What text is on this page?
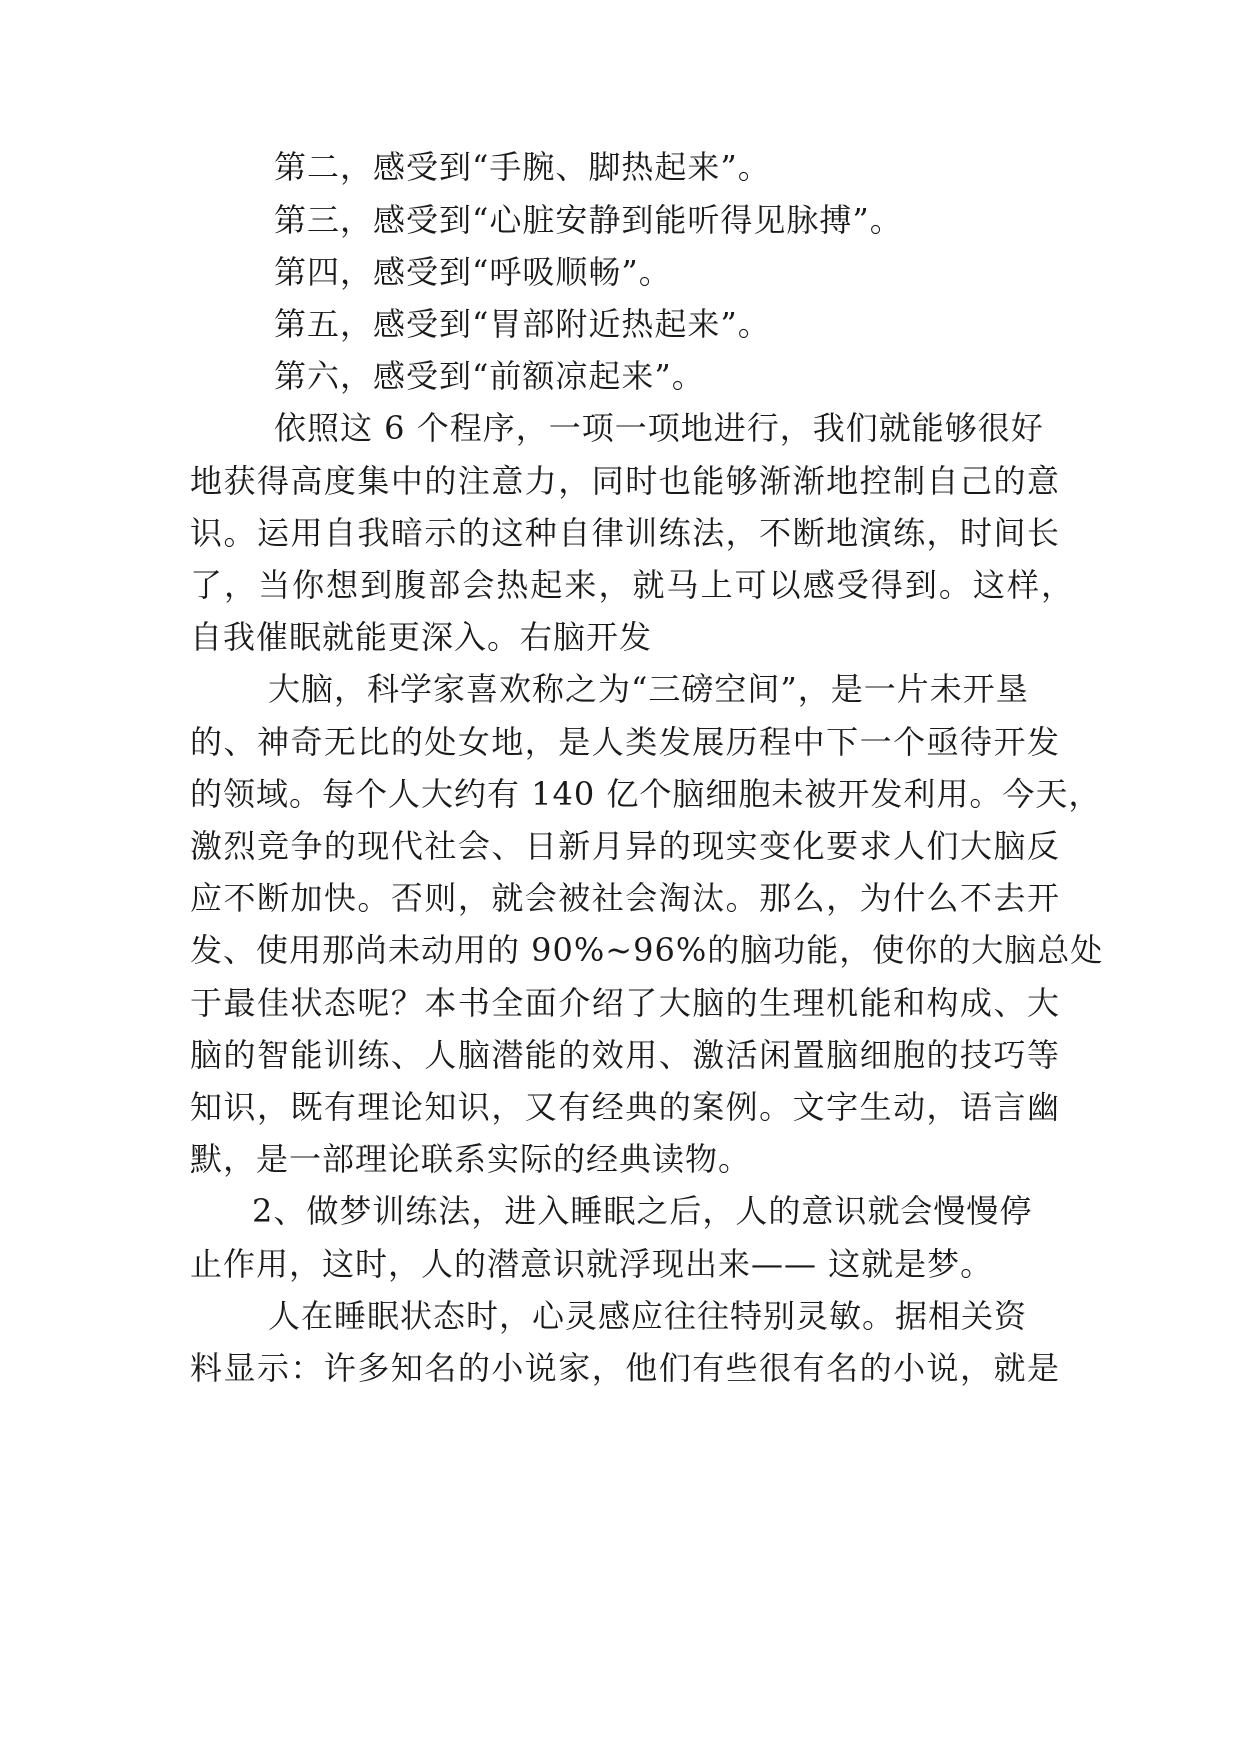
第二，感受到“手腕、脚热起来”。
第三，感受到“心脏安静到能听得见脉搏”。
第四，感受到“呼吸顺畅”。
第五，感受到“胃部附近热起来”。
第六，感受到“前额凉起来”。
依照这 6 个程序，一项一项地进行，我们就能够很好
地获得高度集中的注意力，同时也能够渐渐地控制自己的意
识。运用自我暗示的这种自律训练法，不断地演练，时间长
了，当你想到腹部会热起来，就马上可以感受得到。这样，
自我催眠就能更深入。右脑开发
大脑，科学家喜欢称之为“三磅空间”，是一片未开垦
的、神奇无比的处女地，是人类发展历程中下一个亟待开发
的领域。每个人大约有 140 亿个脑细胞未被开发利用。今天，
激烈竞争的现代社会、日新月异的现实变化要求人们大脑反
应不断加快。否则，就会被社会淘汰。那么，为什么不去开
发、使用那尚未动用的 90%~96%的脑功能，使你的大脑总处
于最佳状态呢？本书全面介绍了大脑的生理机能和构成、大
脑的智能训练、人脑潜能的效用、激活闲置脑细胞的技巧等
知识，既有理论知识，又有经典的案例。文字生动，语言幽
默，是一部理论联系实际的经典读物。
2、做梦训练法，进入睡眠之后，人的意识就会慢慢停
止作用，这时，人的潜意识就浮现出来—— 这就是梦。
人在睡眠状态时，心灵感应往往特别灵敏。据相关资
料显示：许多知名的小说家，他们有些很有名的小说，就是
